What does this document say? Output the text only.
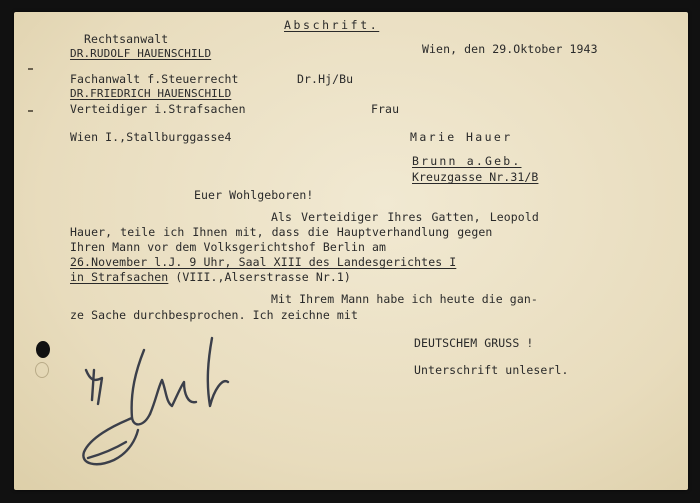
Abschrift.
Rechtsanwalt
DR.RUDOLF HAUENSCHILD	Wien, den 29.Oktober 1943
Fachanwalt f.Steuerrecht	Dr.Hj/Bu
DR.FRIEDRICH HAUENSCHILD
Verteidiger i.Strafsachen	Frau
Wien I.,Stallburggasse4	Marie Hauer
Brunn a.Geb.
Kreuzgasse Nr.31/B
Euer Wohlgeboren!
Als Verteidiger Ihres Gatten, Leopold
Hauer, teile ich Ihnen mit, dass die Hauptverhandlung gegen
Ihren Mann vor dem Volksgerichtshof Berlin am
26.November l.J. 9 Uhr, Saal XIII des Landesgerichtes I
in Strafsachen (VIII.,Alserstrasse Nr.1)
Mit Ihrem Mann habe ich heute die gan-
ze Sache durchbesprochen. Ich zeichne mit
DEUTSCHEM GRUSS !
Unterschrift unleserl.
